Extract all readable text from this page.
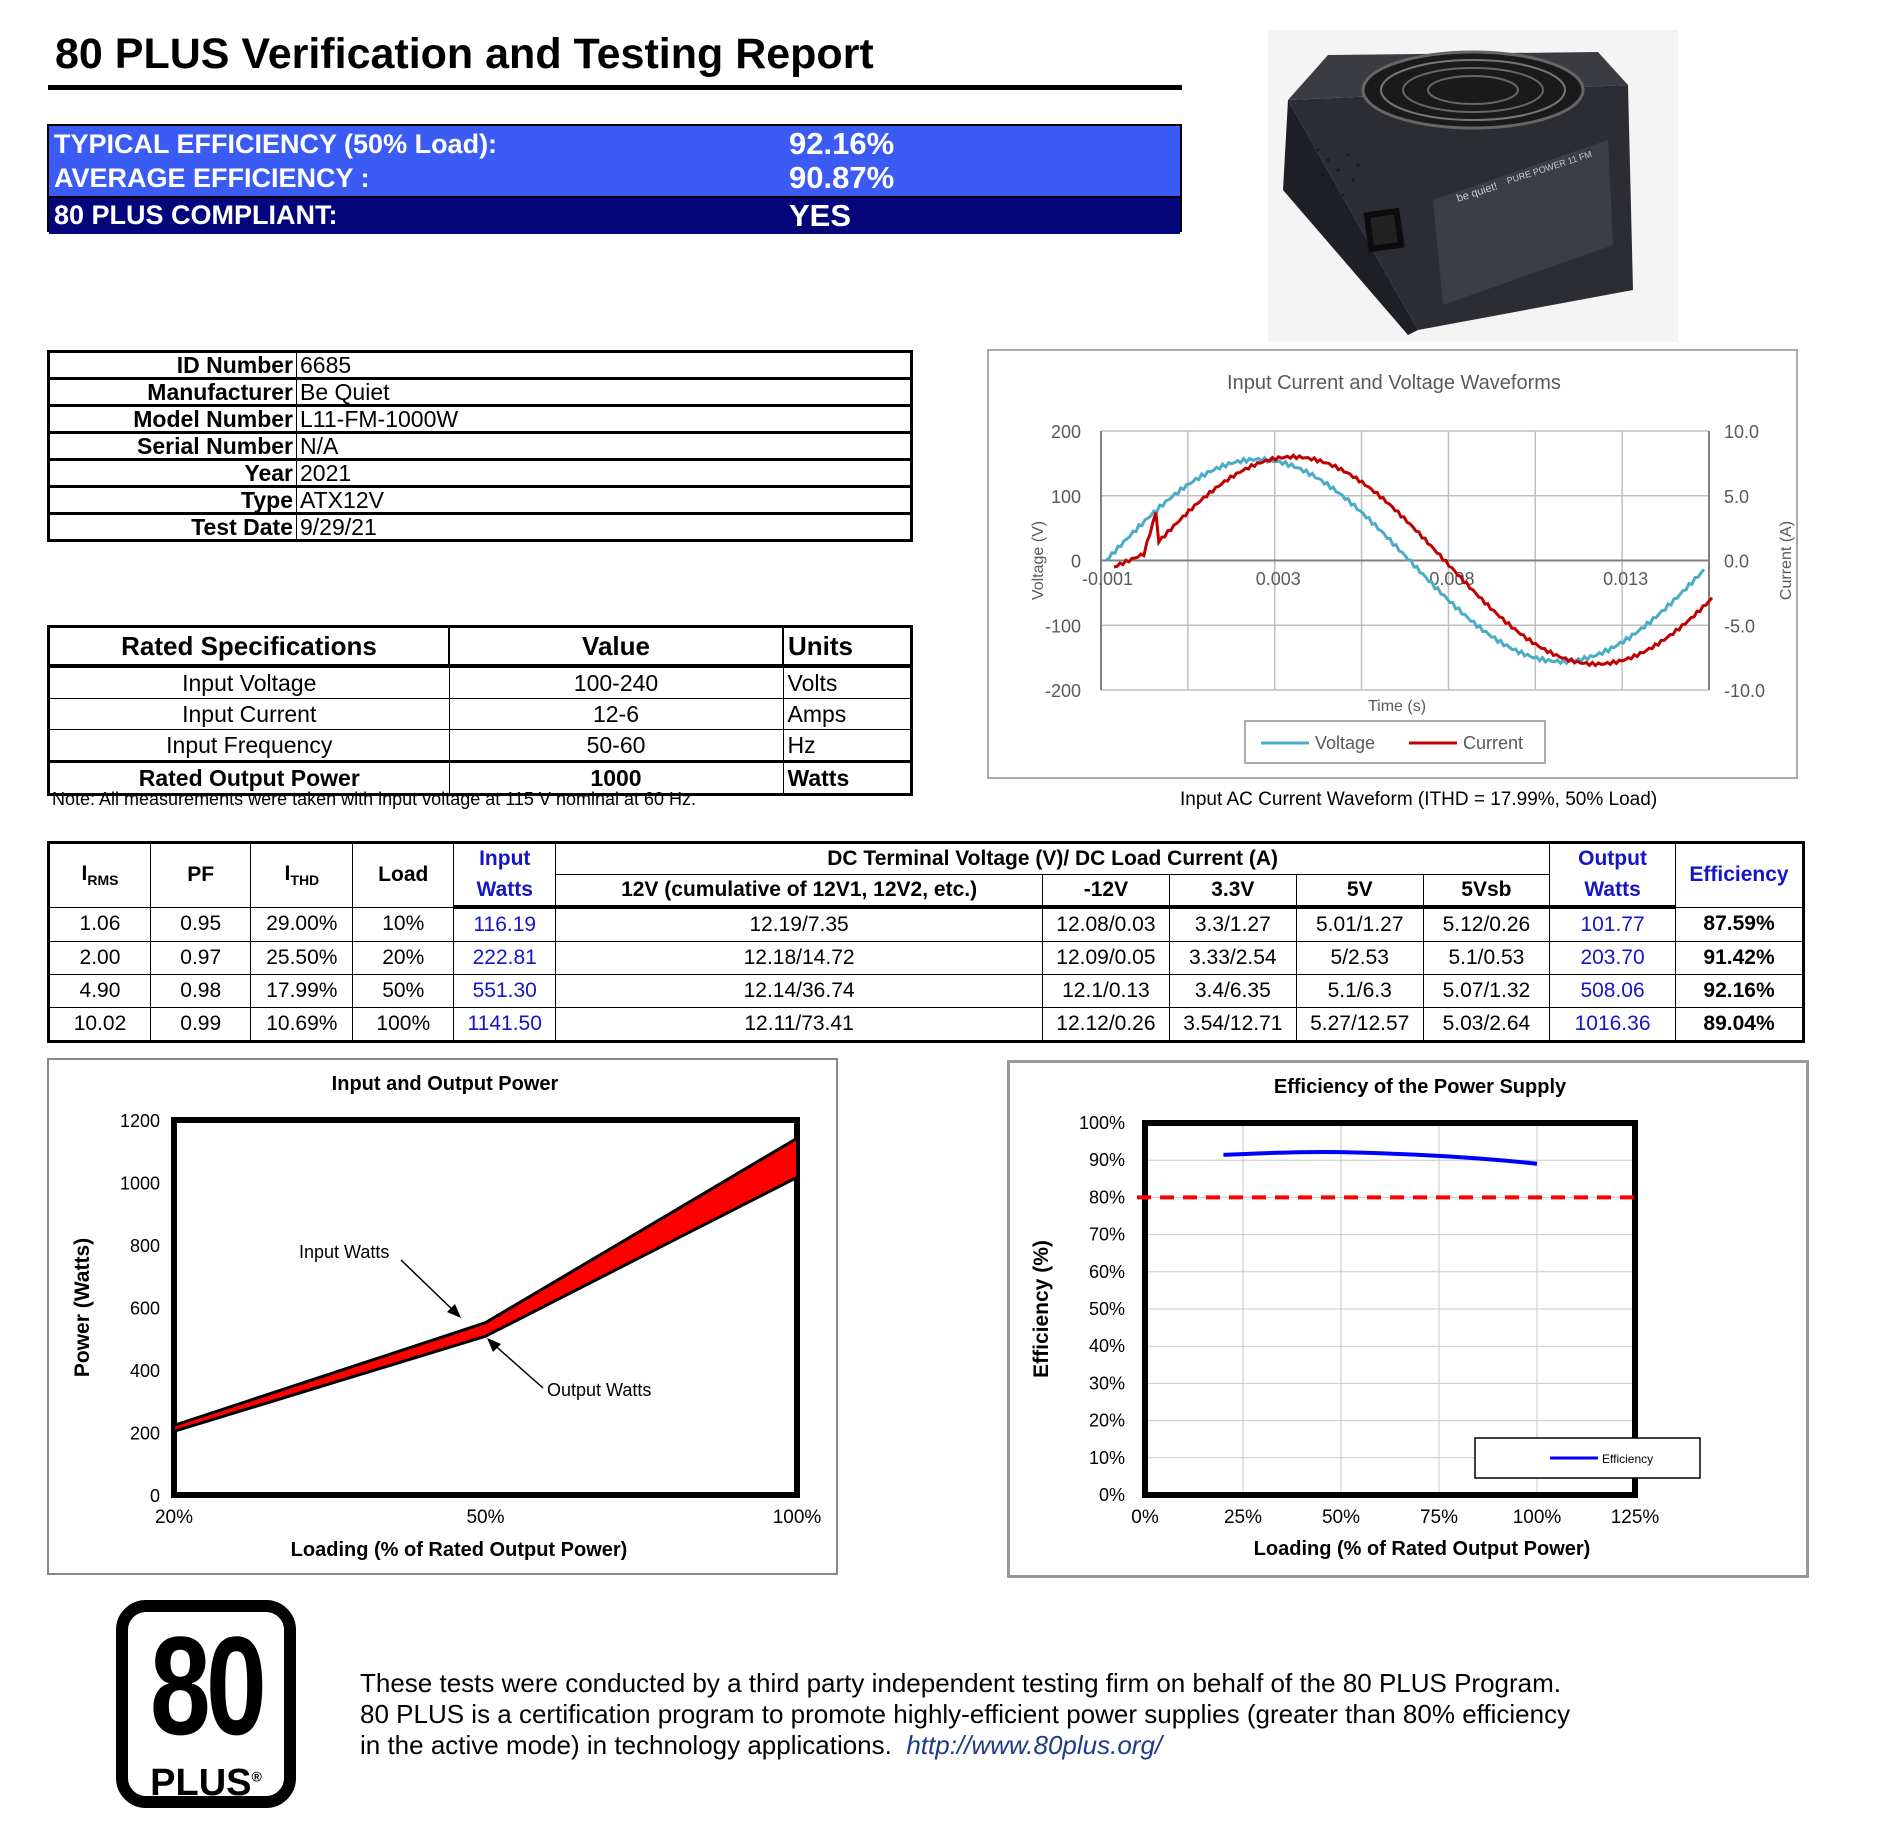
80 PLUS Verification and Testing Report
TYPICAL EFFICIENCY (50% Load):	92.16%
AVERAGE EFFICIENCY :	90.87%
80 PLUS COMPLIANT:	YES
be quiet!
PURE POWER 11 FM
ID Number	6685
Manufacturer	Be Quiet
Model Number	L11-FM-1000W
Serial Number	N/A
Year	2021
Type	ATX12V
Test Date	9/29/21
Rated Specifications	Value	Units
Input Voltage	100-240	Volts
Input Current	12-6	Amps
Input Frequency	50-60	Hz
Rated Output Power	1000	Watts
Note: All measurements were taken with input voltage at 115 V nominal at 60 Hz.
Input Current and Voltage Waveforms
200	10.0
100	5.0
0	0.0
-100	-5.0
-200	-10.0
-0.001	0.003	0.008	0.013
Time (s)
Voltage (V)	Current (A)
Voltage	Current
Input AC Current Waveform (ITHD = 17.99%, 50% Load)
$I_{RMS}$	PF	$I_{THD}$	Load	Input	DC Terminal Voltage (V)/ DC Load Current (A)					Output	Efficiency
				Watts	12V (cumulative of 12V1, 12V2, etc.)	-12V	3.3V	5V	5Vsb	Watts	
1.06	0.95	29.00%	10%	116.19	12.19/7.35	12.08/0.03	3.3/1.27	5.01/1.27	5.12/0.26	101.77	87.59%
2.00	0.97	25.50%	20%	222.81	12.18/14.72	12.09/0.05	3.33/2.54	5/2.53	5.1/0.53	203.70	91.42%
4.90	0.98	17.99%	50%	551.30	12.14/36.74	12.1/0.13	3.4/6.35	5.1/6.3	5.07/1.32	508.06	92.16%
10.02	0.99	10.69%	100%	1141.50	12.11/73.41	12.12/0.26	3.54/12.71	5.27/12.57	5.03/2.64	1016.36	89.04%
Input and Output Power
1200
1000
800
600
400
200
0
20%	50%	100%
Loading (% of Rated Output Power)
Power (Watts)	Input Watts
Output Watts
Efficiency of the Power Supply
100%
90%
80%
70%
60%
50%
40%
30%
20%
10%
0%
0%	25%	50%	75%	100%	125%
Loading (% of Rated Output Power)
Efficiency (%)
Efficiency
80
PLUS®
These tests were conducted by a third party independent testing firm on behalf of the 80 PLUS Program. 80 PLUS is a certification program to promote highly-efficient power supplies (greater than 80% efficiency in the active mode) in technology applications. http://www.80plus.org/
